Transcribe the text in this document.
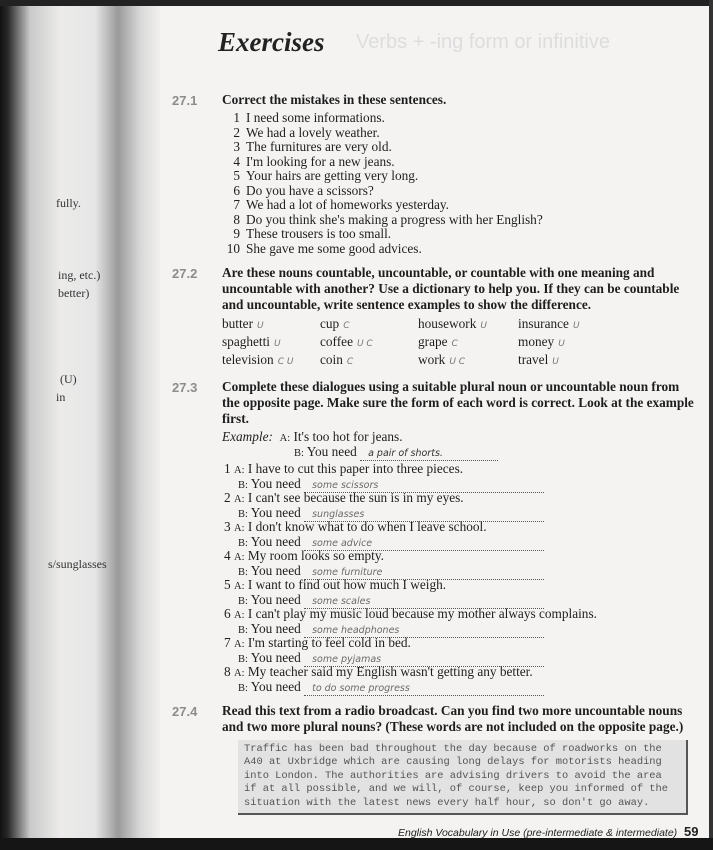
fully.
ing, etc.)
better)
(U)
in
s/sunglasses
Verbs + -ing form or infinitive
Exercises
27.1 Correct the mistakes in these sentences.
1 I need some informations.
2 We had a lovely weather.
3 The furnitures are very old.
4 I'm looking for a new jeans.
5 Your hairs are getting very long.
6 Do you have a scissors?
7 We had a lot of homeworks yesterday.
8 Do you think she's making a progress with her English?
9 These trousers is too small.
10 She gave me some good advices.
27.2 Are these nouns countable, uncountable, or countable with one meaning and uncountable with another? Use a dictionary to help you. If they can be countable and uncountable, write sentence examples to show the difference.
butter U	cup C	housework U	insurance U
spaghetti U	coffee U C	grape C	money U
television C U	coin C	work U C	travel U
27.3 Complete these dialogues using a suitable plural noun or uncountable noun from the opposite page. Make sure the form of each word is correct. Look at the example first.
Example: A: It's too hot for jeans.
B: You need a pair of shorts.
1 A: I have to cut this paper into three pieces.
B: You need some scissors
2 A: I can't see because the sun is in my eyes.
B: You need sunglasses
3 A: I don't know what to do when I leave school.
B: You need some advice
4 A: My room looks so empty.
B: You need some furniture
5 A: I want to find out how much I weigh.
B: You need some scales
6 A: I can't play my music loud because my mother always complains.
B: You need some headphones
7 A: I'm starting to feel cold in bed.
B: You need some pyjamas
8 A: My teacher said my English wasn't getting any better.
B: You need to do some progress
27.4 Read this text from a radio broadcast. Can you find two more uncountable nouns and two more plural nouns? (These words are not included on the opposite page.)
Traffic has been bad throughout the day because of roadworks on the A40 at Uxbridge which are causing long delays for motorists heading into London. The authorities are advising drivers to avoid the area if at all possible, and we will, of course, keep you informed of the situation with the latest news every half hour, so don't go away.
English Vocabulary in Use (pre-intermediate & intermediate) 59
